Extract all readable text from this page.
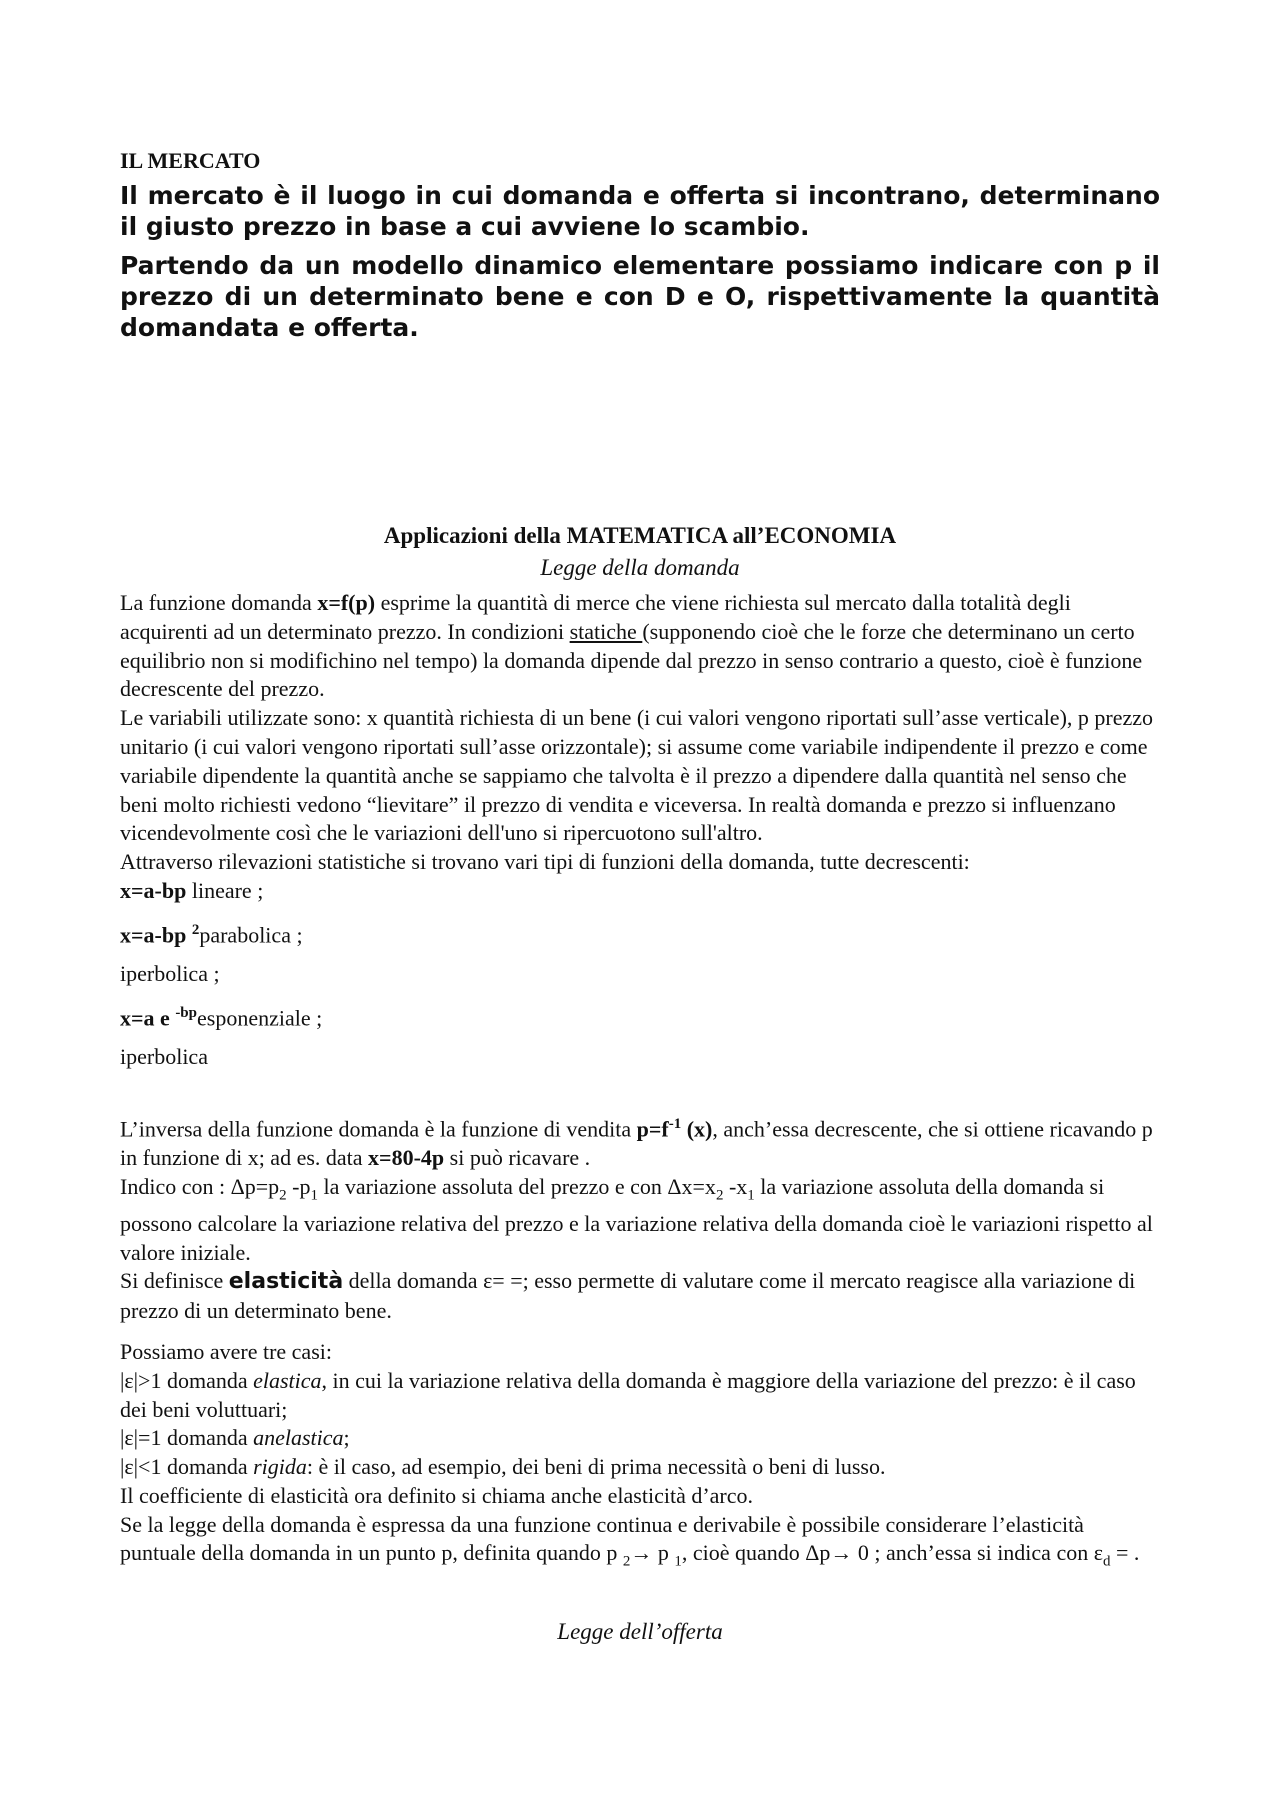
IL MERCATO

Il mercato è il luogo in cui domanda e offerta si incontrano, determinano il giusto prezzo in base a cui avviene lo scambio.

Partendo da un modello dinamico elementare possiamo indicare con p il prezzo di un determinato bene e con D e O, rispettivamente la quantità domandata e offerta.

Applicazioni della MATEMATICA all’ECONOMIA
Legge della domanda

La funzione domanda x=f(p) esprime la quantità di merce che viene richiesta sul mercato dalla totalità degli acquirenti ad un determinato prezzo. In condizioni statiche (supponendo cioè che le forze che determinano un certo equilibrio non si modifichino nel tempo) la domanda dipende dal prezzo in senso contrario a questo, cioè è funzione decrescente del prezzo.

Le variabili utilizzate sono: x quantità richiesta di un bene (i cui valori vengono riportati sull’asse verticale), p prezzo unitario (i cui valori vengono riportati sull’asse orizzontale); si assume come variabile indipendente il prezzo e come variabile dipendente la quantità anche se sappiamo che talvolta è il prezzo a dipendere dalla quantità nel senso che beni molto richiesti vedono “lievitare” il prezzo di vendita e viceversa. In realtà domanda e prezzo si influenzano vicendevolmente così che le variazioni dell'uno si ripercuotono sull'altro.

Attraverso rilevazioni statistiche si trovano vari tipi di funzioni della domanda, tutte decrescenti:

x=a-bp lineare ;

x=a-bp $^2$parabolica ;

iperbolica ;

x=a e $^{-bp}$esponenziale ;

iperbolica

L’inversa della funzione domanda è la funzione di vendita $p=f^{-1}$ (x), anch’essa decrescente, che si ottiene ricavando p in funzione di x; ad es. data x=80-4p si può ricavare .

Indico con : $\Delta p=p_2$ $-p_1$ la variazione assoluta del prezzo e con $\Delta x=x_2$ $-x_1$ la variazione assoluta della domanda si possono calcolare la variazione relativa del prezzo e la variazione relativa della domanda cioè le variazioni rispetto al valore iniziale.

Si definisce elasticità della domanda ε= =; esso permette di valutare come il mercato reagisce alla variazione di prezzo di un determinato bene.

Possiamo avere tre casi:

|ε|>1 domanda elastica, in cui la variazione relativa della domanda è maggiore della variazione del prezzo: è il caso dei beni voluttuari;

|ε|=1 domanda anelastica;

|ε|<1 domanda rigida: è il caso, ad esempio, dei beni di prima necessità o beni di lusso.

Il coefficiente di elasticità ora definito si chiama anche elasticità d’arco.

Se la legge della domanda è espressa da una funzione continua e derivabile è possibile considerare l’elasticità puntuale della domanda in un punto p, definita quando p $_2$→ p $_1$, cioè quando Δp→ 0 ; anch’essa si indica con $\varepsilon_d$ = .

Legge dell’offerta
